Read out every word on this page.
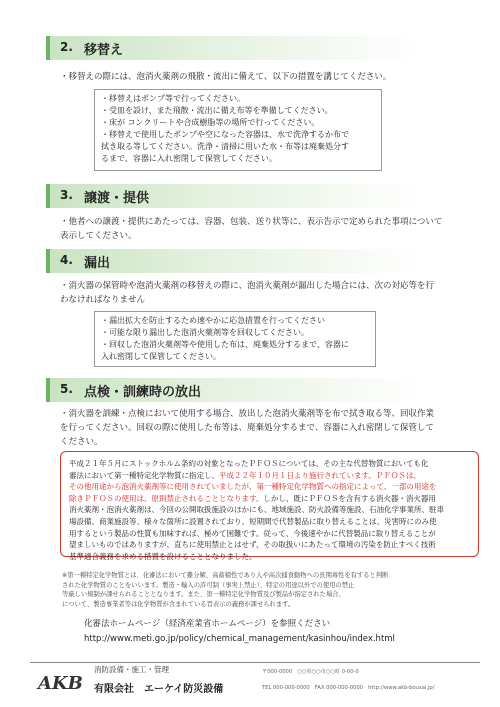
2. 移替え
・移替えの際には、泡消火薬剤の飛散・流出に備えて、以下の措置を講じてください。
・移替えはポンプ等で行ってください。
・受皿を設け、また飛散・流出に備え布等を準備してください。
・床が コンクリートや合成樹脂等の場所で行ってください。
・移替えで使用したポンプや空になった容器は、水で洗浄するか布で
拭き取る等してください。洗浄・清掃に用いた水・布等は廃棄処分す
るまで、容器に入れ密閉して保管してください。
3. 譲渡・提供
・他者への譲渡・提供にあたっては、容器、包装、送り状等に、表示告示で定められた事項について
表示してください。
4. 漏出
・消火器の保管時や泡消火薬剤の移替えの際に、泡消火薬剤が漏出した場合には、次の対応等を行
わなければなりません
・漏出拡大を防止するため速やかに応急措置を行ってください
・可能な限り漏出した泡消火薬剤等を回収してください。
・回収した泡消火薬剤等や使用した布は、廃棄処分するまで、容器に
入れ密閉して保管してください。
5. 点検・訓練時の放出
・消火器を訓練・点検において使用する場合、放出した泡消火薬剤等を布で拭き取る等、回収作業
を行ってください。回収の際に使用した布等は、廃棄処分するまで、容器に入れ密閉して保管して
ください。
平成２１年５月にストックホルム条約の対象となったＰＦＯＳについては、その主な代替物質においても化
審法において第一種特定化学物質に指定し、平成２２年１０月１日より施行されています。ＰＦＯＳは、
その他用途から泡消火薬剤等に使用されていましたが、第一種特定化学物質への指定によって、一部の用途を
除きＰＦＯＳの使用は、原則禁止されることとなります。しかし、既にＰＦＯＳを含有する消火器・消火器用
消火薬剤・泡消火薬剤は、今回の公開取扱施設のほかにも、地域施設、防火設備等施設、石油化学事業所、駐車
場設備、商業施設等、様々な箇所に設置されており、短期間で代替製品に取り替えることは、災害時にのみ使
用するという製品の性質も加味すれば、極めて困難です。従って、今後速やかに代替製品に取り替えることが
望ましいものではありますが、直ちに使用禁止とはせず、その取扱いにあたって環境の汚染を防止すべく技術
基準適合義務を求める措置を設けることとなりました。
※第一種特定化学物質とは、化審法において難分解、高蓄積性であり人や高次捕食動物への長期毒性を有すると判断
された化学物質のことをいいます。製造・輸入の許可制（事実上禁止）、特定の用途以外での使用の禁止
等厳しい規制が課せられることとなります。また、第一種特定化学物質及び製品が指定された場合、
について、製造事業者等は化学物質が含まれている旨表示の義務が課せられます。
化審法ホームページ（経済産業省ホームページ）を参照ください
http://www.meti.go.jp/policy/chemical_management/kasinhou/index.html
AKB
消防設備・施工・管理
有限会社　エーケイ防災設備
〒000-0000　○○県○○市○○町 0-00-0
TEL 000-000-0000　FAX 000-000-0000　http://www.akb-bousai.jp/
